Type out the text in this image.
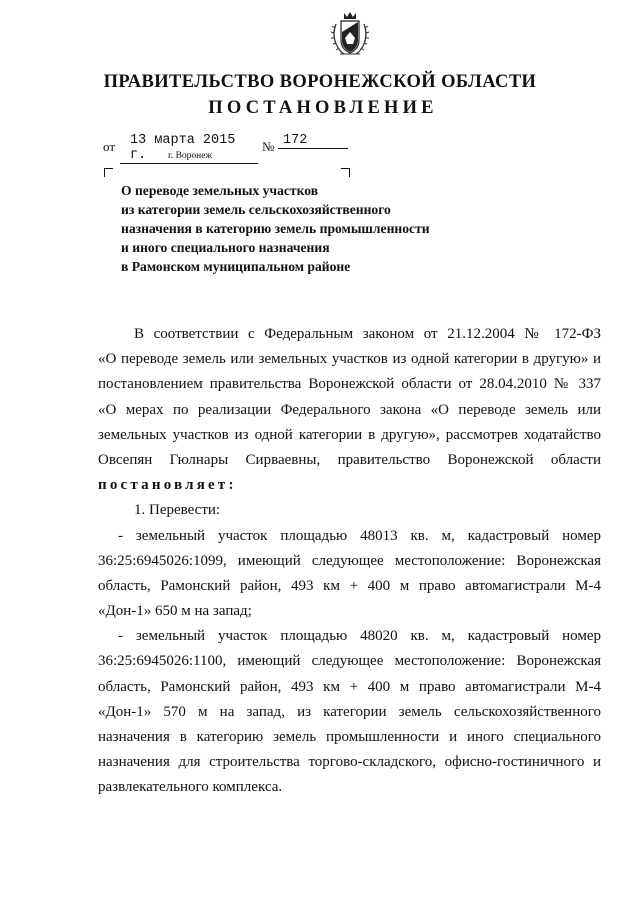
ПРАВИТЕЛЬСТВО ВОРОНЕЖСКОЙ ОБЛАСТИ
ПОСТАНОВЛЕНИЕ
от	13 марта 2015 г.
№ 172
г. Воронеж
О переводе земельных участков
из категории земель сельскохозяйственного
назначения в категорию земель промышленности
и иного специального назначения
в Рамонском муниципальном районе
В соответствии с Федеральным законом от 21.12.2004 № 172-ФЗ
«О переводе земель или земельных участков из одной категории в другую» и
постановлением правительства Воронежской области от 28.04.2010 № 337
«О мерах по реализации Федерального закона «О переводе земель или
земельных участков из одной категории в другую», рассмотрев ходатайство
Овсепян Гюлнары Сирваевны, правительство Воронежской области
постановляет:
1. Перевести:
- земельный участок площадью 48013 кв. м, кадастровый номер
36:25:6945026:1099, имеющий следующее местоположение: Воронежская
область, Рамонский район, 493 км + 400 м право автомагистрали М-4
«Дон-1» 650 м на запад;
- земельный участок площадью 48020 кв. м, кадастровый номер
36:25:6945026:1100, имеющий следующее местоположение: Воронежская
область, Рамонский район, 493 км + 400 м право автомагистрали М-4
«Дон-1» 570 м на запад, из категории земель сельскохозяйственного
назначения в категорию земель промышленности и иного специального
назначения для строительства торгово-складского, офисно-гостиничного и
развлекательного комплекса.
